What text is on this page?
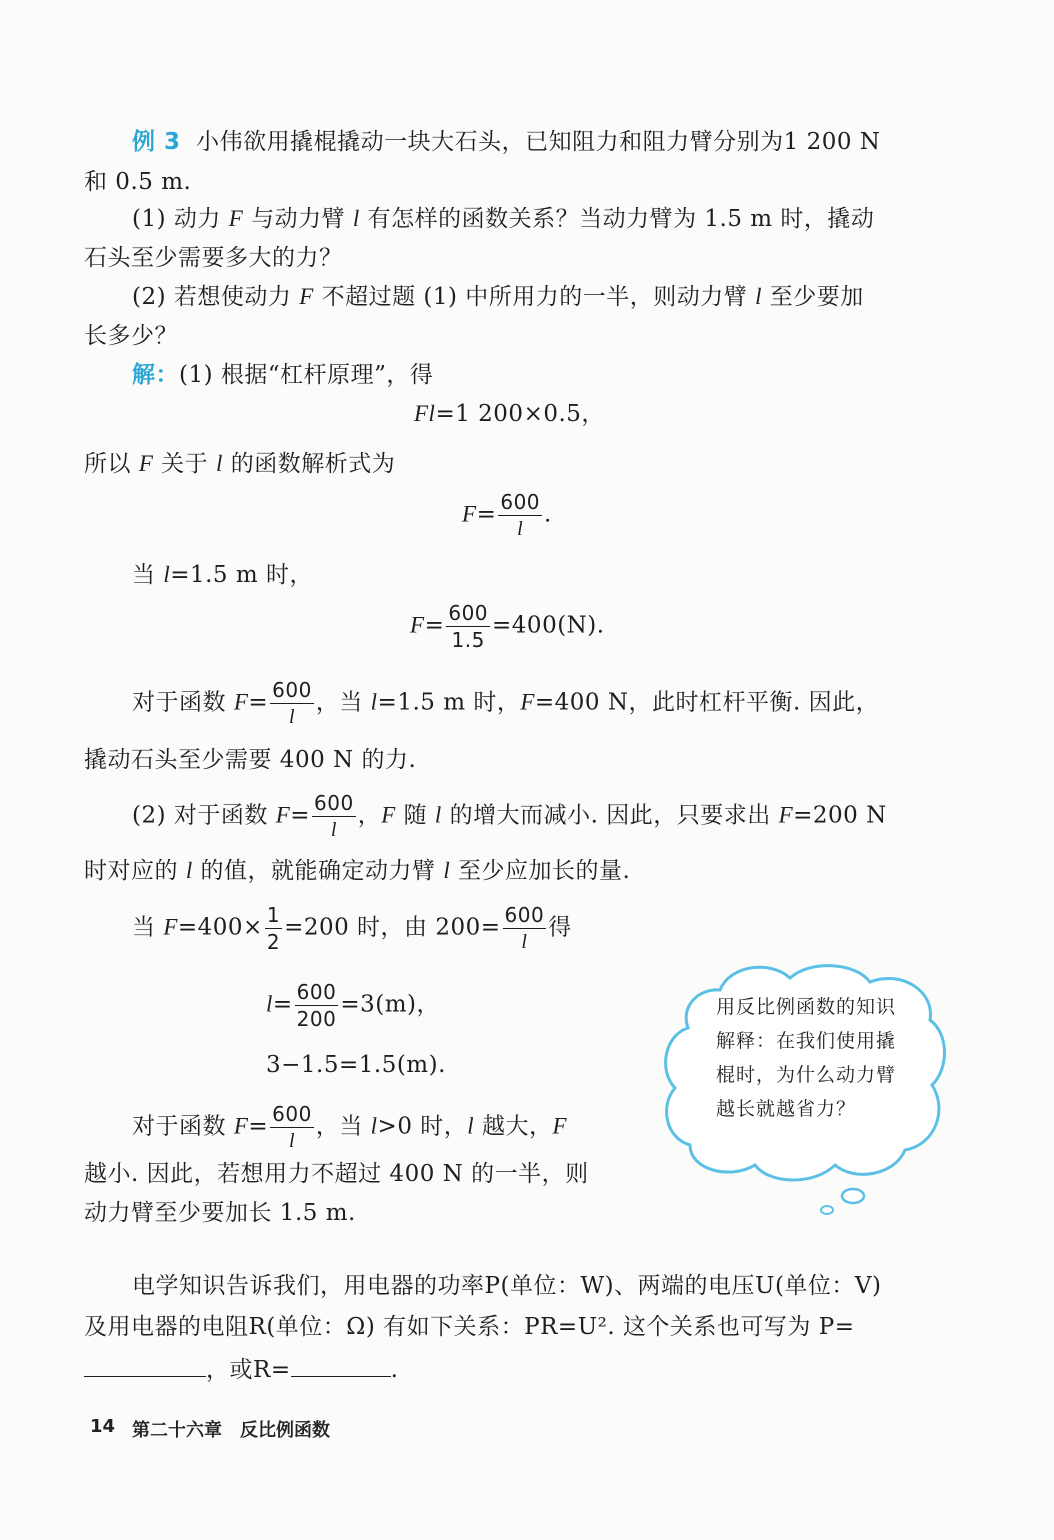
例 3 小伟欲用撬棍撬动一块大石头，已知阻力和阻力臂分别为1 200 N
和 0.5 m.
(1) 动力 F 与动力臂 l 有怎样的函数关系？当动力臂为 1.5 m 时，撬动
石头至少需要多大的力？
(2) 若想使动力 F 不超过题 (1) 中所用力的一半，则动力臂 l 至少要加
长多少？
解：(1) 根据“杠杆原理”，得
Fl=1 200×0.5，
所以 F 关于 l 的函数解析式为
$F= \frac{600}{l}$ .
当 l=1.5 m 时，
$F= \frac{600}{1.5} =400(N)$.
对于函数 $F= \frac{600}{l}$ ，当 l=1.5 m 时，F=400 N，此时杠杆平衡. 因此，
撬动石头至少需要 400 N 的力.
(2) 对于函数 $F= \frac{600}{l}$ ，F 随 l 的增大而减小. 因此，只要求出 F=200 N
时对应的 l 的值，就能确定动力臂 l 至少应加长的量.
当 $F=400\times \frac{1}{2} =200$ 时，由 $200= \frac{600}{l}$ 得
$l= \frac{600}{200} =3(m)$，
3−1.5=1.5(m).
对于函数 $F= \frac{600}{l}$ ，当 l>0 时，l 越大，F
越小. 因此，若想用力不超过 400 N 的一半，则
动力臂至少要加长 1.5 m.
用反比例函数的知识解释：在我们使用撬棍时，为什么动力臂越长就越省力？
电学知识告诉我们，用电器的功率P(单位：W)、两端的电压U(单位：V)
及用电器的电阻R(单位：Ω) 有如下关系：PR=U². 这个关系也可写为 P=
，或R=	.
14 第二十六章　反比例函数
